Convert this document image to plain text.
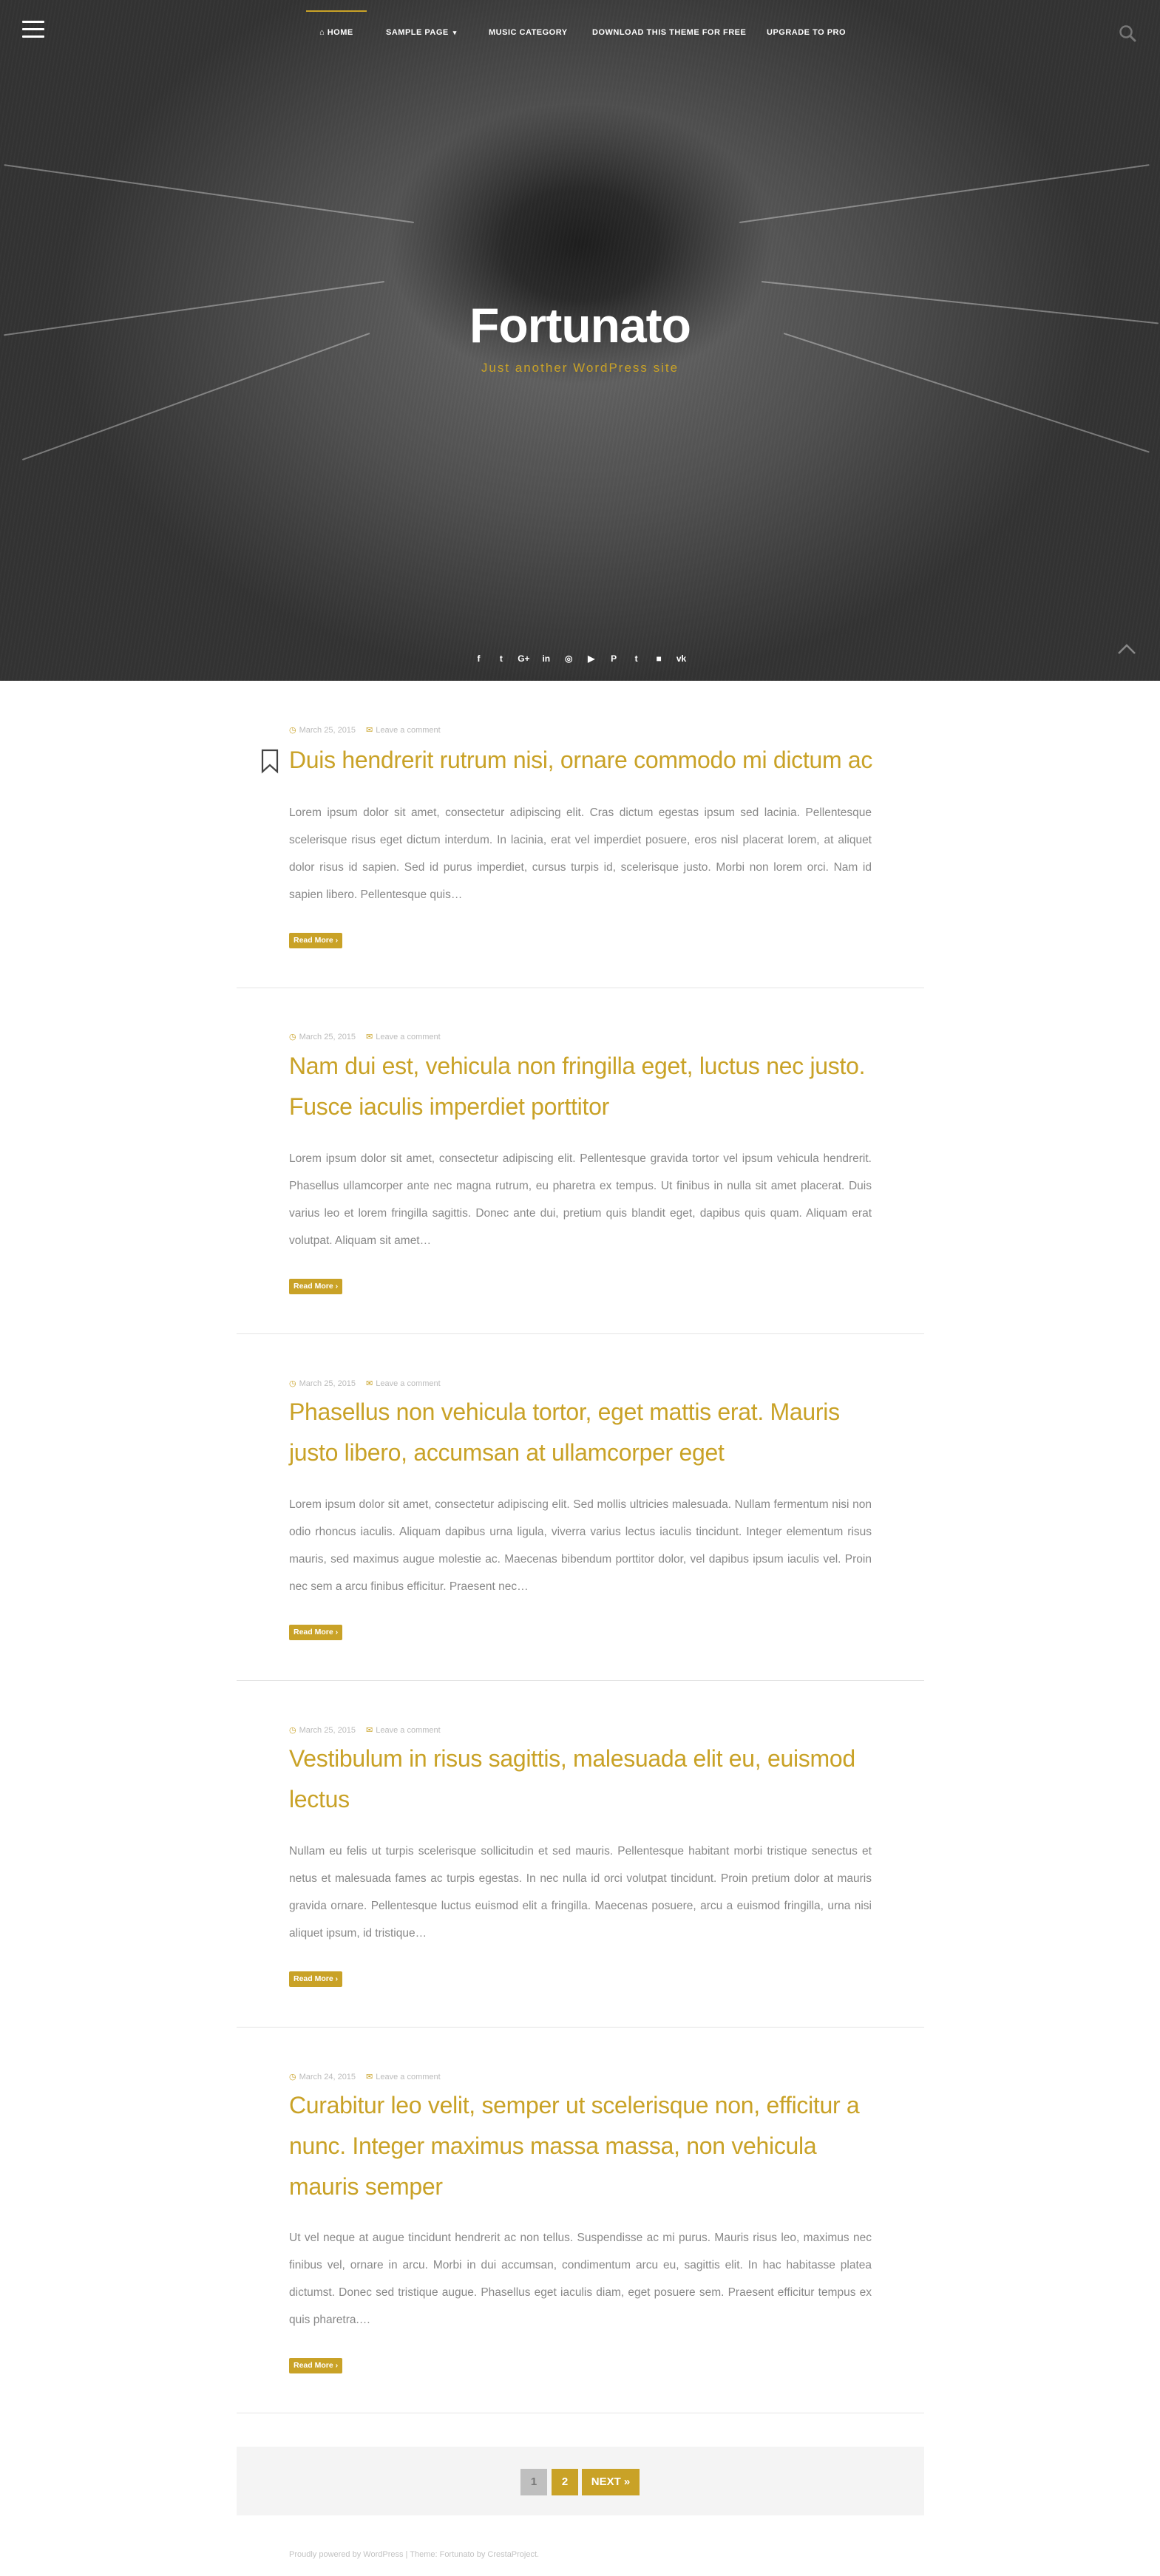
⌂ HOME	SAMPLE PAGE ▾	MUSIC CATEGORY	DOWNLOAD THIS THEME FOR FREE	UPGRADE TO PRO
Fortunato
Just another WordPress site
f t G+ in ◎ ▶ P t ■ vk
◷ March 25, 2015 ✉ Leave a comment
Duis hendrerit rutrum nisi, ornare commodo mi dictum ac

Lorem ipsum dolor sit amet, consectetur adipiscing elit. Cras dictum egestas ipsum sed lacinia. Pellentesque scelerisque risus eget dictum interdum. In lacinia, erat vel imperdiet posuere, eros nisl placerat lorem, at aliquet dolor risus id sapien. Sed id purus imperdiet, cursus turpis id, scelerisque justo. Morbi non lorem orci. Nam id sapien libero. Pellentesque quis…

Read More ›
◷ March 25, 2015 ✉ Leave a comment
Nam dui est, vehicula non fringilla eget, luctus nec justo. Fusce iaculis imperdiet porttitor

Lorem ipsum dolor sit amet, consectetur adipiscing elit. Pellentesque gravida tortor vel ipsum vehicula hendrerit. Phasellus ullamcorper ante nec magna rutrum, eu pharetra ex tempus. Ut finibus in nulla sit amet placerat. Duis varius leo et lorem fringilla sagittis. Donec ante dui, pretium quis blandit eget, dapibus quis quam. Aliquam erat volutpat. Aliquam sit amet…

Read More ›
◷ March 25, 2015 ✉ Leave a comment
Phasellus non vehicula tortor, eget mattis erat. Mauris justo libero, accumsan at ullamcorper eget

Lorem ipsum dolor sit amet, consectetur adipiscing elit. Sed mollis ultricies malesuada. Nullam fermentum nisi non odio rhoncus iaculis. Aliquam dapibus urna ligula, viverra varius lectus iaculis tincidunt. Integer elementum risus mauris, sed maximus augue molestie ac. Maecenas bibendum porttitor dolor, vel dapibus ipsum iaculis vel. Proin nec sem a arcu finibus efficitur. Praesent nec…

Read More ›
◷ March 25, 2015 ✉ Leave a comment
Vestibulum in risus sagittis, malesuada elit eu, euismod lectus

Nullam eu felis ut turpis scelerisque sollicitudin et sed mauris. Pellentesque habitant morbi tristique senectus et netus et malesuada fames ac turpis egestas. In nec nulla id orci volutpat tincidunt. Proin pretium dolor at mauris gravida ornare. Pellentesque luctus euismod elit a fringilla. Maecenas posuere, arcu a euismod fringilla, urna nisi aliquet ipsum, id tristique…

Read More ›
◷ March 24, 2015 ✉ Leave a comment
Curabitur leo velit, semper ut scelerisque non, efficitur a nunc. Integer maximus massa massa, non vehicula mauris semper

Ut vel neque at augue tincidunt hendrerit ac non tellus. Suspendisse ac mi purus. Mauris risus leo, maximus nec finibus vel, ornare in arcu. Morbi in dui accumsan, condimentum arcu eu, sagittis elit. In hac habitasse platea dictumst. Donec sed tristique augue. Phasellus eget iaculis diam, eget posuere sem. Praesent efficitur tempus ex quis pharetra.…

Read More ›
1	2	NEXT »
Proudly powered by WordPress | Theme: Fortunato by CrestaProject.
